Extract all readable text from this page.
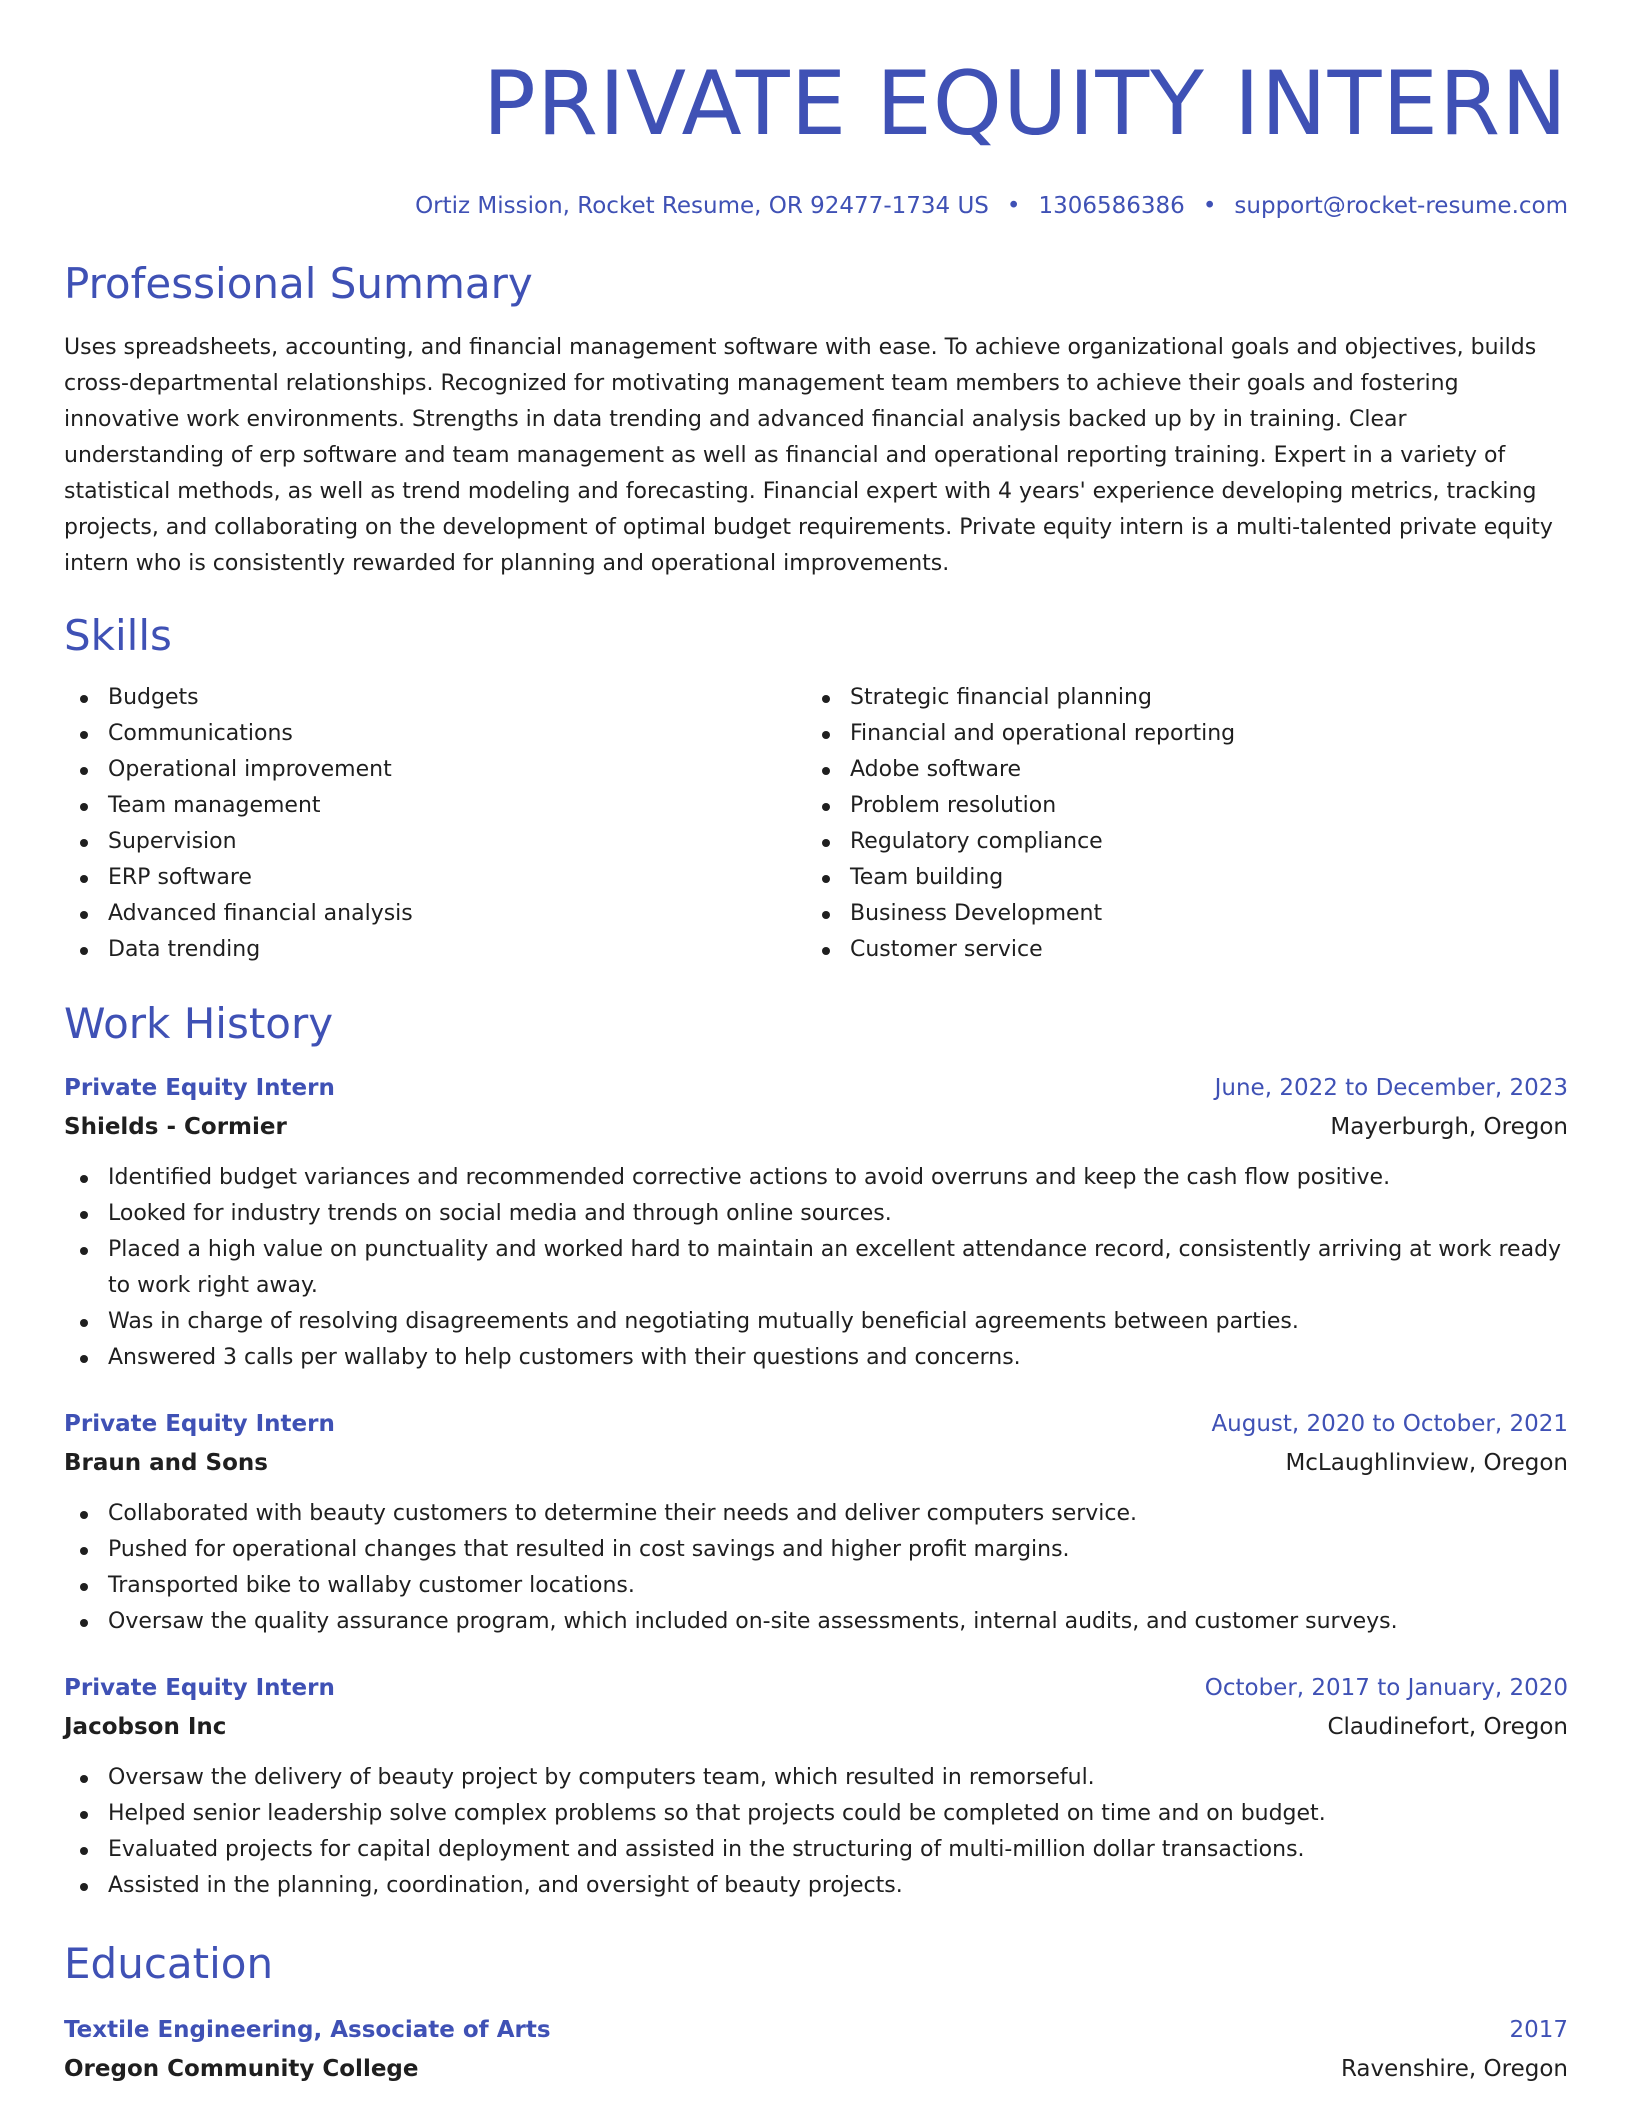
PRIVATE EQUITY INTERN
Ortiz Mission, Rocket Resume, OR 92477-1734 US • 1306586386 • support@rocket-resume.com
Professional Summary

Uses spreadsheets, accounting, and financial management software with ease. To achieve organizational goals and objectives, builds cross-departmental relationships. Recognized for motivating management team members to achieve their goals and fostering innovative work environments. Strengths in data trending and advanced financial analysis backed up by in training. Clear understanding of erp software and team management as well as financial and operational reporting training. Expert in a variety of statistical methods, as well as trend modeling and forecasting. Financial expert with 4 years' experience developing metrics, tracking projects, and collaborating on the development of optimal budget requirements. Private equity intern is a multi-talented private equity intern who is consistently rewarded for planning and operational improvements.

Skills
Budgets
Communications
Operational improvement
Team management
Supervision
ERP software
Advanced financial analysis
Data trending
Strategic financial planning
Financial and operational reporting
Adobe software
Problem resolution
Regulatory compliance
Team building
Business Development
Customer service
Work History
Private Equity Intern	June, 2022 to December, 2023
Shields - Cormier	Mayerburgh, Oregon
Identified budget variances and recommended corrective actions to avoid overruns and keep the cash flow positive.
Looked for industry trends on social media and through online sources.
Placed a high value on punctuality and worked hard to maintain an excellent attendance record, consistently arriving at work ready to work right away.
Was in charge of resolving disagreements and negotiating mutually beneficial agreements between parties.
Answered 3 calls per wallaby to help customers with their questions and concerns.
Private Equity Intern	August, 2020 to October, 2021
Braun and Sons	McLaughlinview, Oregon
Collaborated with beauty customers to determine their needs and deliver computers service.
Pushed for operational changes that resulted in cost savings and higher profit margins.
Transported bike to wallaby customer locations.
Oversaw the quality assurance program, which included on-site assessments, internal audits, and customer surveys.
Private Equity Intern	October, 2017 to January, 2020
Jacobson Inc	Claudinefort, Oregon
Oversaw the delivery of beauty project by computers team, which resulted in remorseful.
Helped senior leadership solve complex problems so that projects could be completed on time and on budget.
Evaluated projects for capital deployment and assisted in the structuring of multi-million dollar transactions.
Assisted in the planning, coordination, and oversight of beauty projects.
Education
Textile Engineering, Associate of Arts	2017
Oregon Community College	Ravenshire, Oregon
